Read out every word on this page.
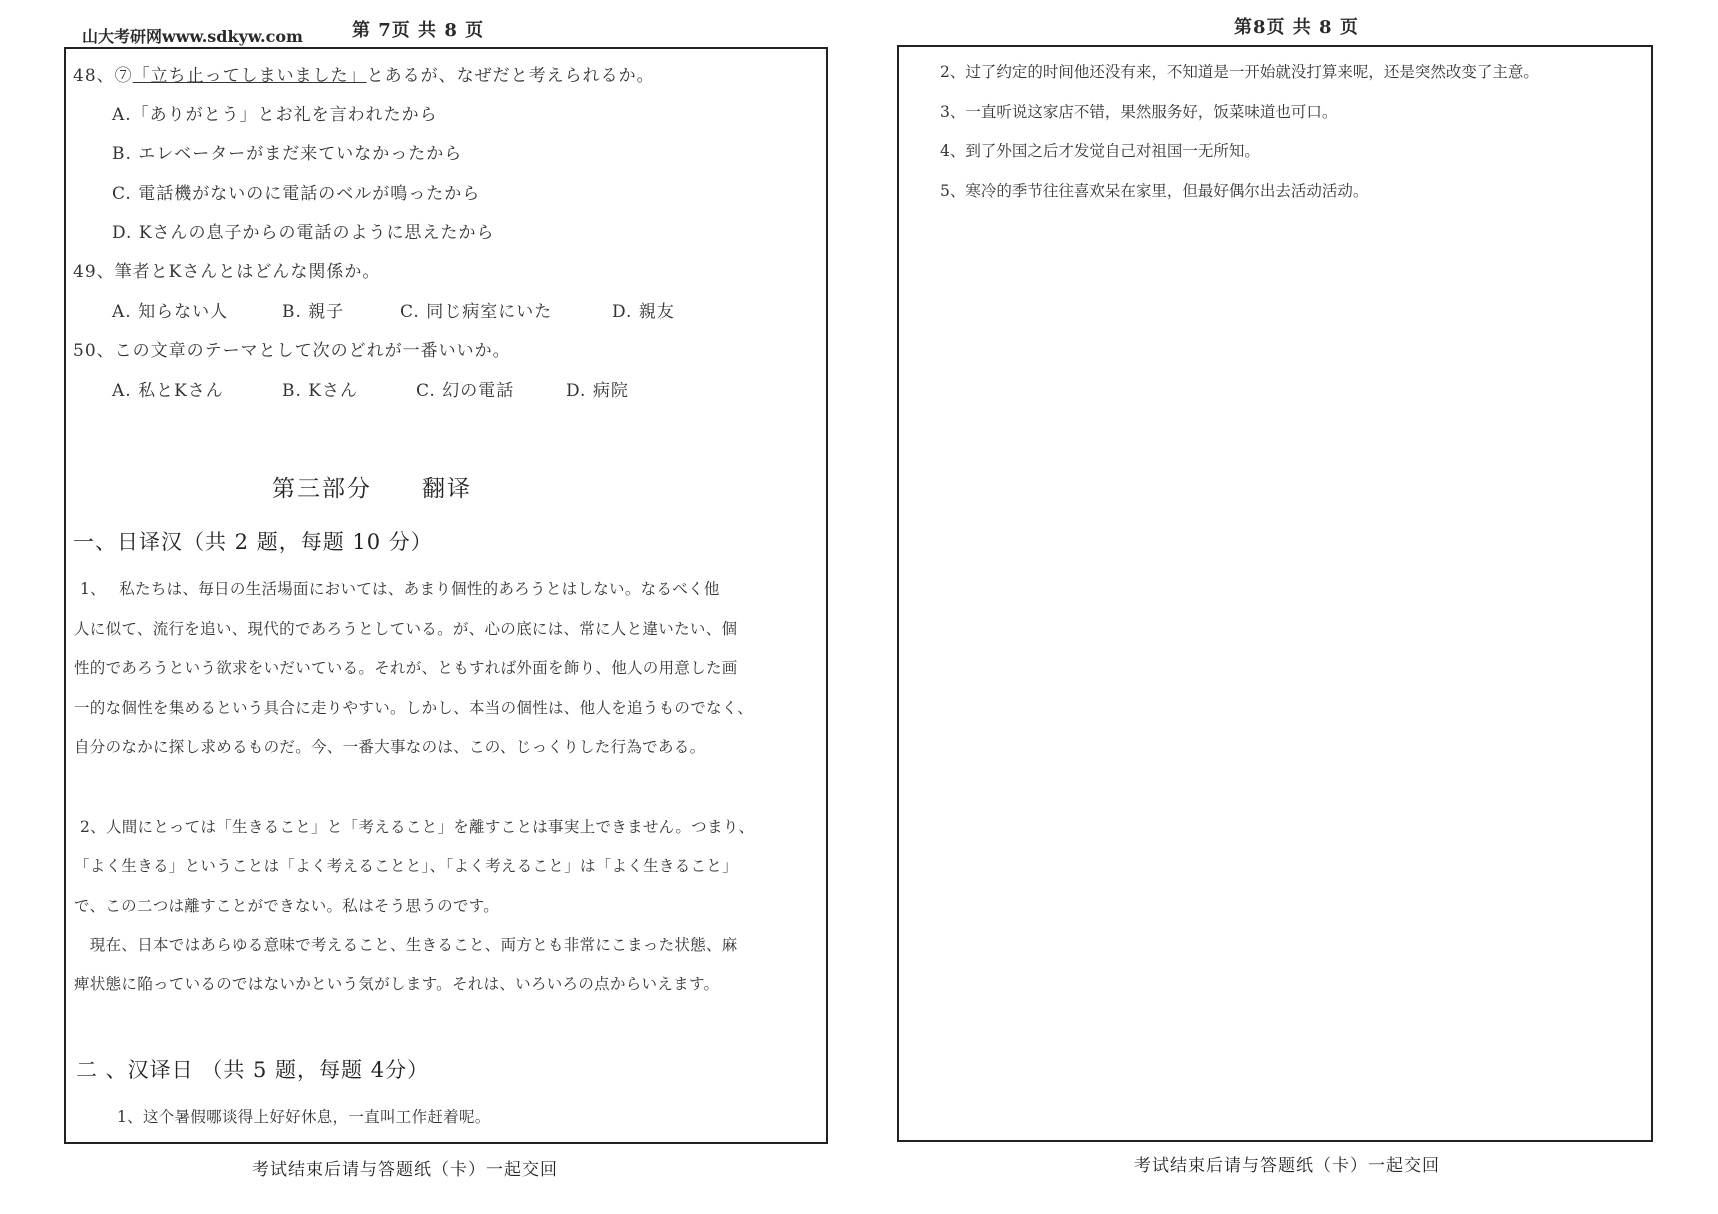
山大考研网www.sdkyw.com	第 7页 共 8 页	第8页 共 8 页
48、⑦「立ち止ってしまいました」とあるが、なぜだと考えられるか。
A.「ありがとう」とお礼を言われたから
B. エレベーターがまだ来ていなかったから
C. 電話機がないのに電話のベルが鳴ったから
D. Kさんの息子からの電話のように思えたから
49、筆者とKさんとはどんな関係か。
A. 知らない人	B. 親子	C. 同じ病室にいた	D. 親友
50、この文章のテーマとして次のどれが一番いいか。
A. 私とKさん	B. Kさん	C. 幻の電話	D. 病院
第三部分　　翻译
一、日译汉（共 2 题，每题 10 分）
1、　 私たちは、毎日の生活場面においては、あまり個性的あろうとはしない。なるべく他
人に似て、流行を追い、現代的であろうとしている。が、心の底には、常に人と違いたい、個
性的であろうという欲求をいだいている。それが、ともすれば外面を飾り、他人の用意した画
一的な個性を集めるという具合に走りやすい。しかし、本当の個性は、他人を追うものでなく、
自分のなかに探し求めるものだ。今、一番大事なのは、この、じっくりした行為である。
2、人間にとっては「生きること」と「考えること」を離すことは事実上できません。つまり、
「よく生きる」ということは「よく考えることと」、「よく考えること」は「よく生きること」
で、この二つは離すことができない。私はそう思うのです。
　現在、日本ではあらゆる意味で考えること、生きること、両方とも非常にこまった状態、麻
痺状態に陥っているのではないかという気がします。それは、いろいろの点からいえます。
二 、汉译日 （共 5 题，每题 4分）
1、这个暑假哪谈得上好好休息，一直叫工作赶着呢。
考试结束后请与答题纸（卡）一起交回
2、过了约定的时间他还没有来，不知道是一开始就没打算来呢，还是突然改变了主意。
3、一直听说这家店不错，果然服务好，饭菜味道也可口。
4、到了外国之后才发觉自己对祖国一无所知。
5、寒冷的季节往往喜欢呆在家里，但最好偶尔出去活动活动。
考试结束后请与答题纸（卡）一起交回
